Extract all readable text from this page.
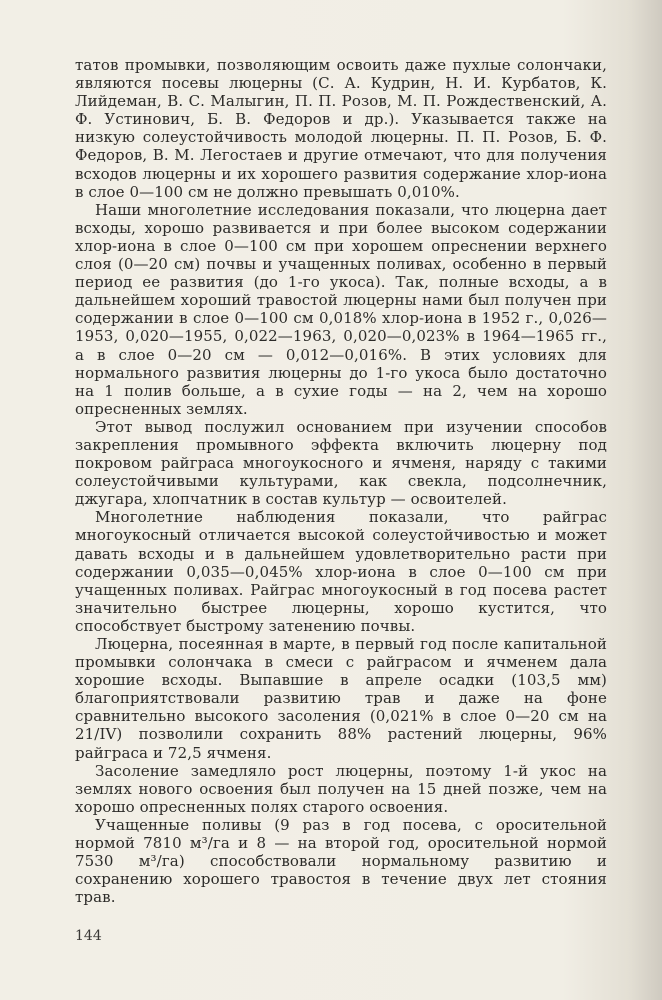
татов промывки, позволяющим освоить даже пухлые солончаки, являются посевы люцерны (С. А. Кудрин, Н. И. Курбатов, К. Лийдеман, В. С. Малыгин, П. П. Розов, М. П. Рождественский, А. Ф. Устинович, Б. В. Федоров и др.). Указывается также на низкую солеустойчивость молодой люцерны. П. П. Розов, Б. Ф. Федоров, В. М. Легостаев и другие отмечают, что для получения всходов люцерны и их хорошего развития содержание хлор-иона в слое 0—100 см не должно превышать 0,010%.

Наши многолетние исследования показали, что люцерна дает всходы, хорошо развивается и при более высоком содержании хлор-иона в слое 0—100 см при хорошем опреснении верхнего слоя (0—20 см) почвы и учащенных поливах, особенно в первый период ее развития (до 1-го укоса). Так, полные всходы, а в дальнейшем хороший травостой люцерны нами был получен при содержании в слое 0—100 см 0,018% хлор-иона в 1952 г., 0,026—1953, 0,020—1955, 0,022—1963, 0,020—0,023% в 1964—1965 гг., а в слое 0—20 см — 0,012—0,016%. В этих условиях для нормального развития люцерны до 1-го укоса было достаточно на 1 полив больше, а в сухие годы — на 2, чем на хорошо опресненных землях.

Этот вывод послужил основанием при изучении способов закрепления промывного эффекта включить люцерну под покровом райграса многоукосного и ячменя, наряду с такими солеустойчивыми культурами, как свекла, подсолнечник, джугара, хлопчатник в состав культур — освоителей.

Многолетние наблюдения показали, что райграс многоукосный отличается высокой солеустойчивостью и может давать всходы и в дальнейшем удовлетворительно расти при содержании 0,035—0,045% хлор-иона в слое 0—100 см при учащенных поливах. Райграс многоукосный в год посева растет значительно быстрее люцерны, хорошо кустится, что способствует быстрому затенению почвы.

Люцерна, посеянная в марте, в первый год после капитальной промывки солончака в смеси с райграсом и ячменем дала хорошие всходы. Выпавшие в апреле осадки (103,5 мм) благоприятствовали развитию трав и даже на фоне сравнительно высокого засоления (0,021% в слое 0—20 см на 21/IV) позволили сохранить 88% растений люцерны, 96% райграса и 72,5 ячменя.

Засоление замедляло рост люцерны, поэтому 1-й укос на землях нового освоения был получен на 15 дней позже, чем на хорошо опресненных полях старого освоения.

Учащенные поливы (9 раз в год посева, с оросительной нормой 7810 м³/га и 8 — на второй год, оросительной нормой 7530 м³/га) способствовали нормальному развитию и сохранению хорошего травостоя в течение двух лет стояния трав.

144
